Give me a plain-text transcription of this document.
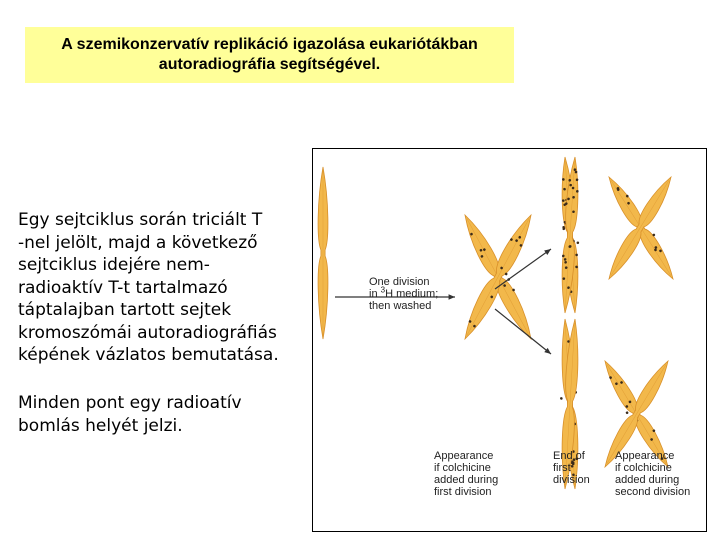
A szemikonzervatív replikáció igazolása eukariótákban
autoradiográfia segítségével.
Egy sejtciklus során triciált T
-nel jelölt, majd a következő
sejtciklus idejére nem-
radioaktív T-t tartalmazó
táptalajban tartott sejtek
kromoszómái autoradiográfiás
képének vázlatos bemutatása.
Minden pont egy radioatív
bomlás helyét jelzi.
One division
in $^3$H medium;
then washed
Appearance
if colchicine
added during
first division
End of
first
division
Appearance
if colchicine
added during
second division
